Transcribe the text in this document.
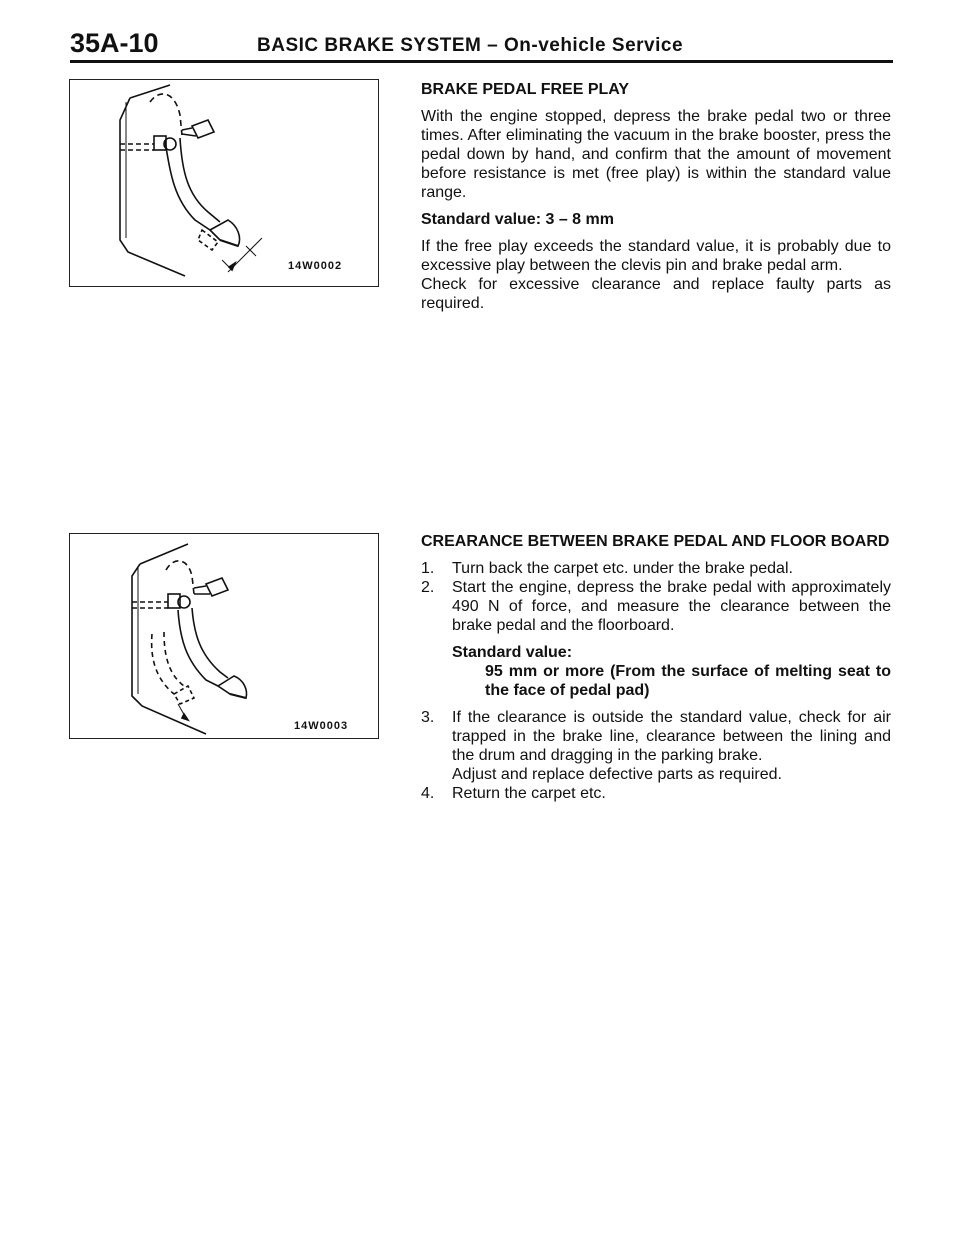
35A-10	BASIC BRAKE SYSTEM – On-vehicle Service
14W0002

BRAKE PEDAL FREE PLAY

With the engine stopped, depress the brake pedal two or three times. After eliminating the vacuum in the brake booster, press the pedal down by hand, and confirm that the amount of movement before resistance is met (free play) is within the standard value range.

Standard value: 3 – 8 mm

If the free play exceeds the standard value, it is probably due to excessive play between the clevis pin and brake pedal arm.

Check for excessive clearance and replace faulty parts as required.

14W0003

CREARANCE BETWEEN BRAKE PEDAL AND FLOOR BOARD

1. Turn back the carpet etc. under the brake pedal.
2. Start the engine, depress the brake pedal with approximately 490 N of force, and measure the clearance between the brake pedal and the floorboard.
Standard value:
95 mm or more (From the surface of melting seat to the face of pedal pad)
3. If the clearance is outside the standard value, check for air trapped in the brake line, clearance between the lining and the drum and dragging in the parking brake.
Adjust and replace defective parts as required.
4. Return the carpet etc.
